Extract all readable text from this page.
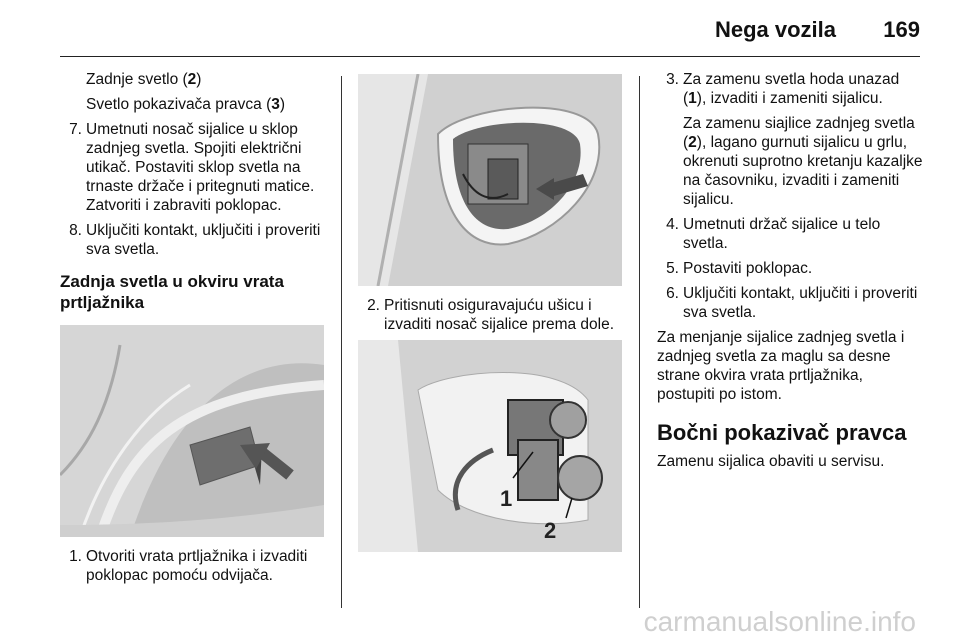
Nega vozila 169

Zadnje svetlo (2)

Svetlo pokazivača pravca (3)

7. Umetnuti nosač sijalice u sklop zadnjeg svetla. Spojiti električni utikač. Postaviti sklop svetla na trnaste držače i pritegnuti matice. Zatvoriti i zabraviti poklopac.
8. Uključiti kontakt, uključiti i proveriti sva svetla.
Zadnja svetla u okviru vrata prtljažnika
1. Otvoriti vrata prtljažnika i izvaditi poklopac pomoću odvijača.
2. Pritisnuti osiguravajuću ušicu i izvaditi nosač sijalice prema dole.
1
2
3. Za zamenu svetla hoda unazad (1), izvaditi i zameniti sijalicu.

Za zamenu siajlice zadnjeg svetla (2), lagano gurnuti sijalicu u grlu, okrenuti suprotno kretanju kazaljke na časovniku, izvaditi i zameniti sijalicu.

4. Umetnuti držač sijalice u telo svetla.
5. Postaviti poklopac.
6. Uključiti kontakt, uključiti i proveriti sva svetla.

Za menjanje sijalice zadnjeg svetla i zadnjeg svetla za maglu sa desne strane okvira vrata prtljažnika, postupiti po istom.

Bočni pokazivač pravca

Zamenu sijalica obaviti u servisu.

carmanualsonline.info
